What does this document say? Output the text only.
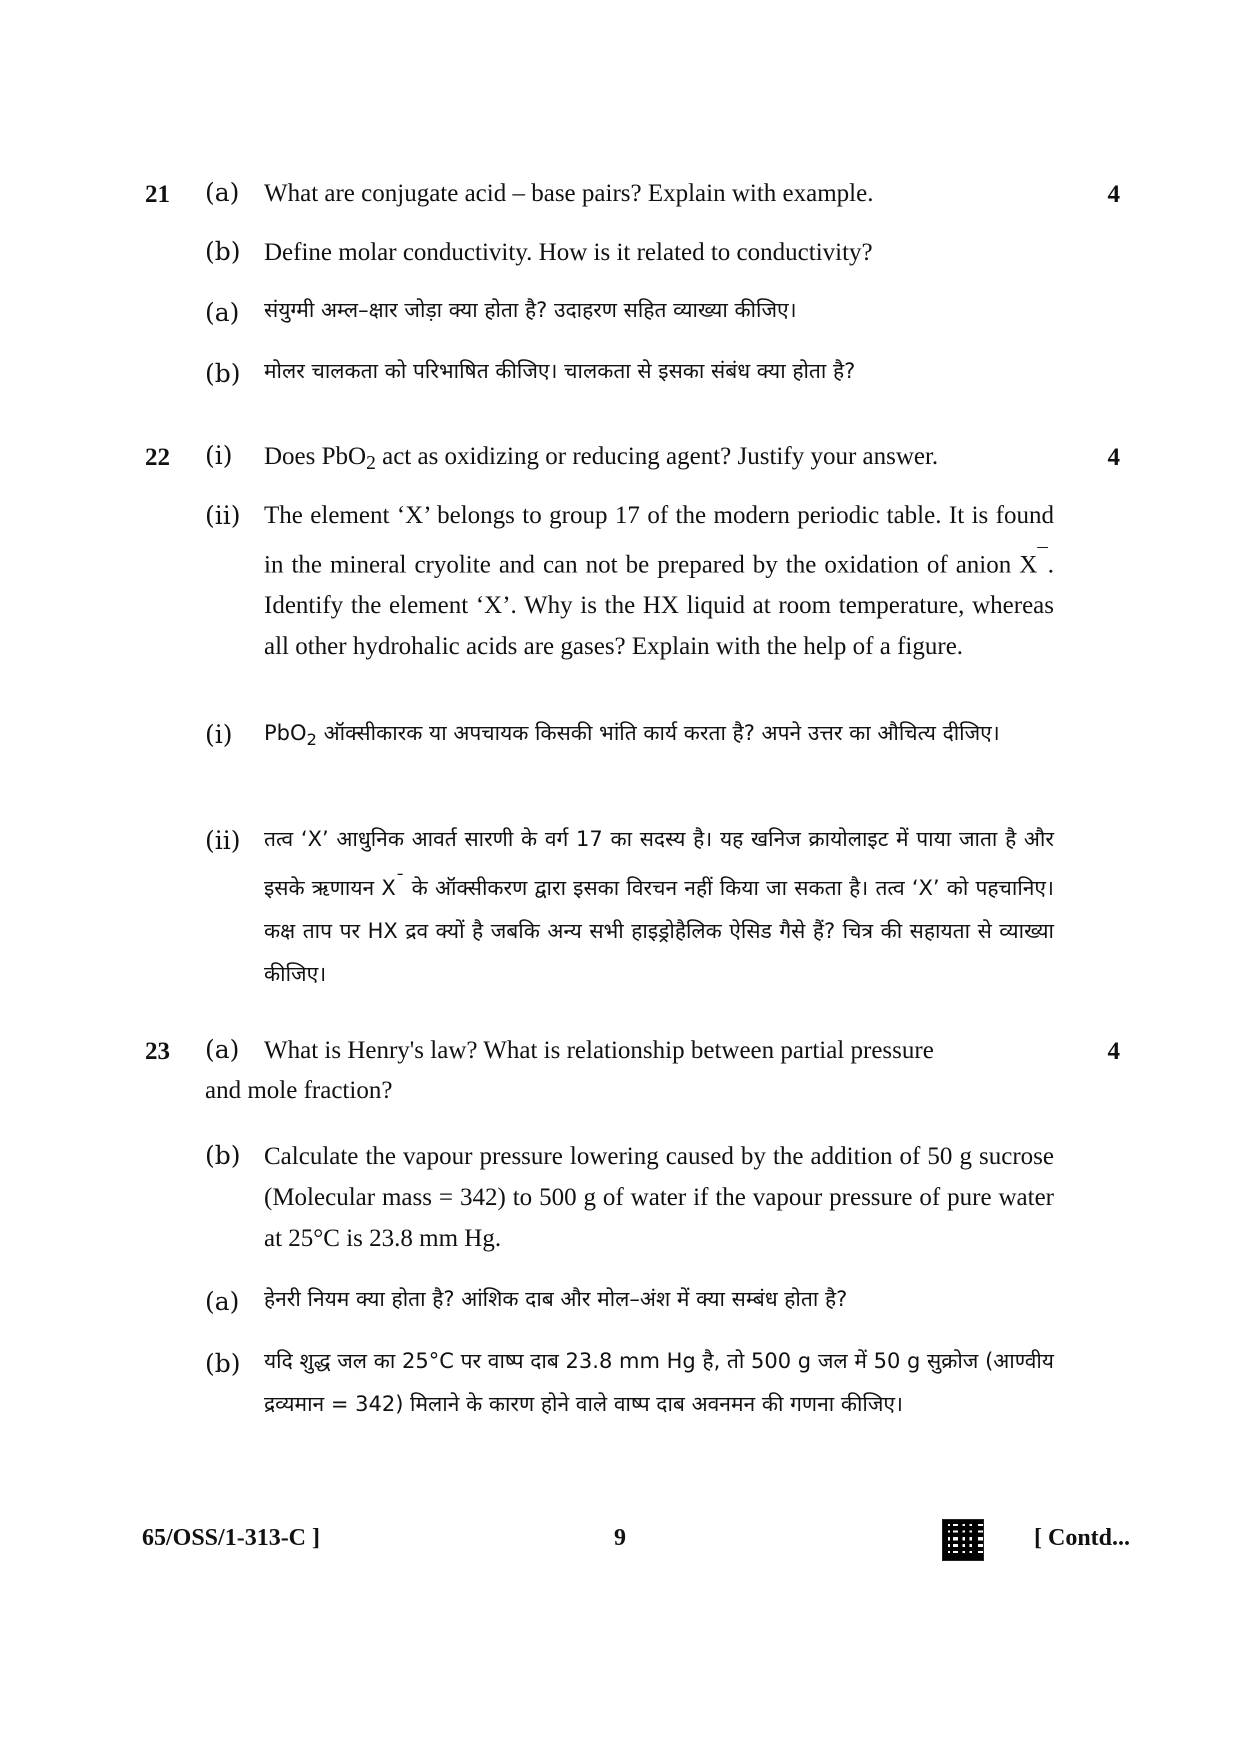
21	4
(a) What are conjugate acid – base pairs? Explain with example.
(b) Define molar conductivity. How is it related to conductivity?
(a) संयुग्मी अम्ल–क्षार जोड़ा क्या होता है? उदाहरण सहित व्याख्या कीजिए।
(b) मोलर चालकता को परिभाषित कीजिए। चालकता से इसका संबंध क्या होता है?
22	4
(i) Does PbO$_2$ act as oxidizing or reducing agent? Justify your answer.
(ii) The element ‘X’ belongs to group 17 of the modern periodic table. It is found in the mineral cryolite and can not be prepared by the oxidation of anion X¯. Identify the element ‘X’. Why is the HX liquid at room temperature, whereas all other hydrohalic acids are gases? Explain with the help of a figure.
(i) PbO$_2$ ऑक्सीकारक या अपचायक किसकी भांति कार्य करता है? अपने उत्तर का औचित्य दीजिए।
(ii) तत्व ‘X’ आधुनिक आवर्त सारणी के वर्ग 17 का सदस्य है। यह खनिज क्रायोलाइट में पाया जाता है और इसके ऋणायन X¯ के ऑक्सीकरण द्वारा इसका विरचन नहीं किया जा सकता है। तत्व ‘X’ को पहचानिए। कक्ष ताप पर HX द्रव क्यों है जबकि अन्य सभी हाइड्रोहैलिक ऐसिड गैसे हैं? चित्र की सहायता से व्याख्या कीजिए।
23	4
(a) What is Henry's law? What is relationship between partial pressure
and mole fraction?
(b) Calculate the vapour pressure lowering caused by the addition of 50 g sucrose (Molecular mass = 342) to 500 g of water if the vapour pressure of pure water at 25°C is 23.8 mm Hg.
(a) हेनरी नियम क्या होता है? आंशिक दाब और मोल–अंश में क्या सम्बंध होता है?
(b) यदि शुद्ध जल का 25°C पर वाष्प दाब 23.8 mm Hg है, तो 500 g जल में 50 g सुक्रोज (आण्वीय द्रव्यमान = 342) मिलाने के कारण होने वाले वाष्प दाब अवनमन की गणना कीजिए।
65/OSS/1-313-C ]	9	[ Contd...
